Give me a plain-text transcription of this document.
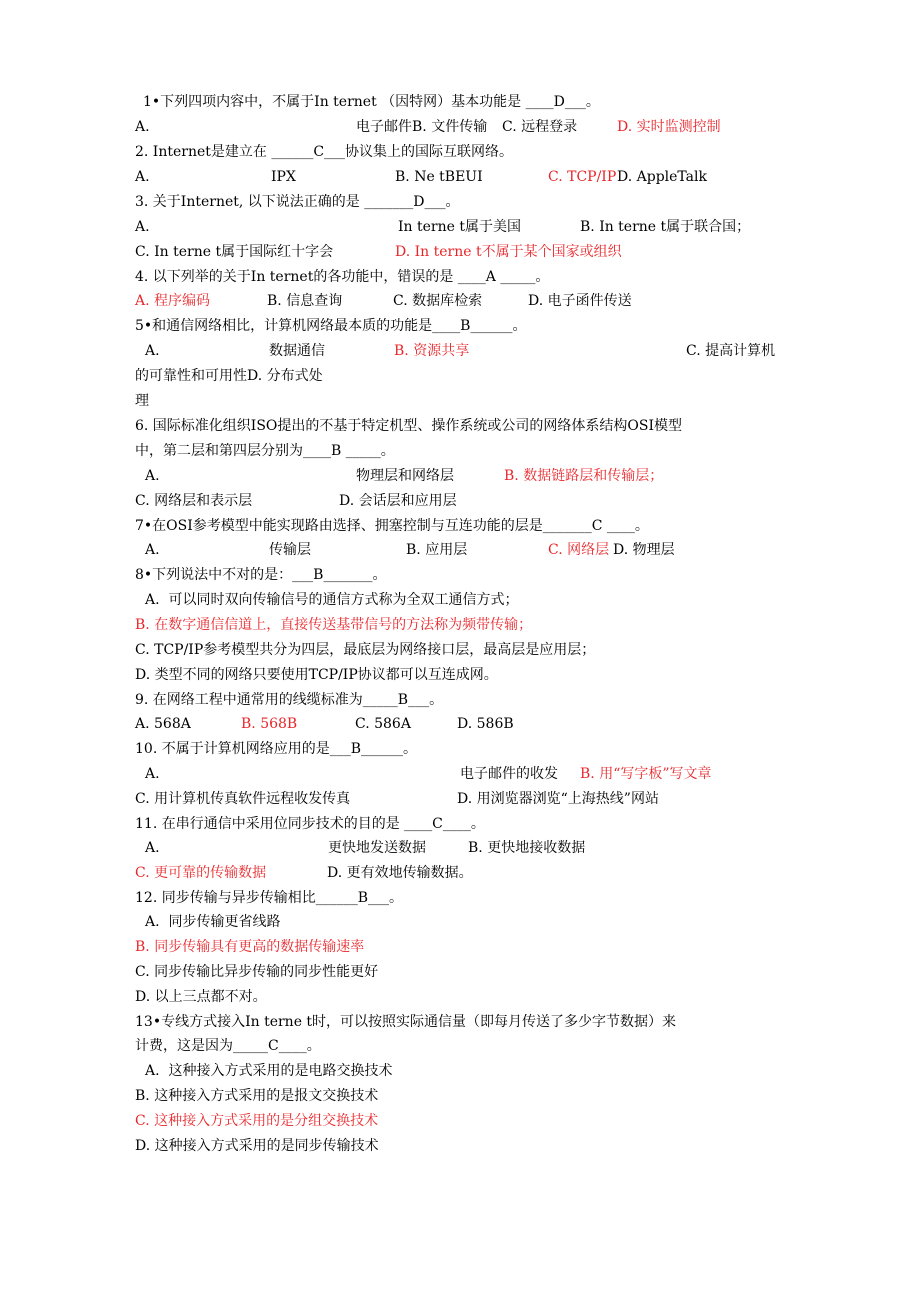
1•下列四项内容中，不属于In ternet （因特网）基本功能是 ____D___。

A.

	电子邮件B. 文件传输

C. 远程登录

	D. 实时监测控制

2. Internet是建立在 ______C___协议集上的国际互联网络。

A.

	IPX

	B. Ne tBEUI

	C. TCP/IP

D. AppleTalk

3. 关于Internet, 以下说法正确的是 _______D___。

A.

	In terne t属于美国

	B. In terne t属于联合国；

C. In terne t属于国际红十字会

	D. In terne t不属于某个国家或组织

4. 以下列举的关于In ternet的各功能中，错误的是 ____A _____。

A. 程序编码

	B. 信息查询

	C. 数据库检索

	D. 电子函件传送

5•和通信网络相比，计算机网络最本质的功能是____B______。

A.

	数据通信

	B. 资源共享

	C. 提高计算机

的可靠性和可用性D. 分布式处
理
6. 国际标准化组织ISO提出的不基于特定机型、操作系统或公司的网络体系结构OSI模型
中，第二层和第四层分别为____B _____。

A.

	物理层和网络层

	B. 数据链路层和传输层；

C. 网络层和表示层

	D. 会话层和应用层

7•在OSI参考模型中能实现路由选择、拥塞控制与互连功能的层是_______C ____。

A.

	传输层

	B. 应用层

	C. 网络层

D. 物理层

8•下列说法中不对的是：___B_______。
A.  可以同时双向传输信号的通信方式称为全双工通信方式；
B. 在数字通信信道上，直接传送基带信号的方法称为频带传输；
C. TCP/IP参考模型共分为四层，最底层为网络接口层，最高层是应用层；
D. 类型不同的网络只要使用TCP/IP协议都可以互连成网。
9. 在网络工程中通常用的线缆标准为_____B___。

A. 568A

	B. 568B

	C. 586A

	D. 586B

10. 不属于计算机网络应用的是___B______。

A.

	电子邮件的收发

B. 用“写字板”写文章

C. 用计算机传真软件远程收发传真

	D. 用浏览器浏览“上海热线”网站

11. 在串行通信中采用位同步技术的目的是 ____C____。

A.

	更快地发送数据

	B. 更快地接收数据

C. 更可靠的传输数据

	D. 更有效地传输数据。

12. 同步传输与异步传输相比______B___。
A.  同步传输更省线路
B. 同步传输具有更高的数据传输速率
C. 同步传输比异步传输的同步性能更好
D. 以上三点都不对。
13•专线方式接入In terne t时，可以按照实际通信量（即每月传送了多少字节数据）来
计费，这是因为_____C____。
A.  这种接入方式采用的是电路交换技术
B. 这种接入方式采用的是报文交换技术
C. 这种接入方式采用的是分组交换技术
D. 这种接入方式采用的是同步传输技术
